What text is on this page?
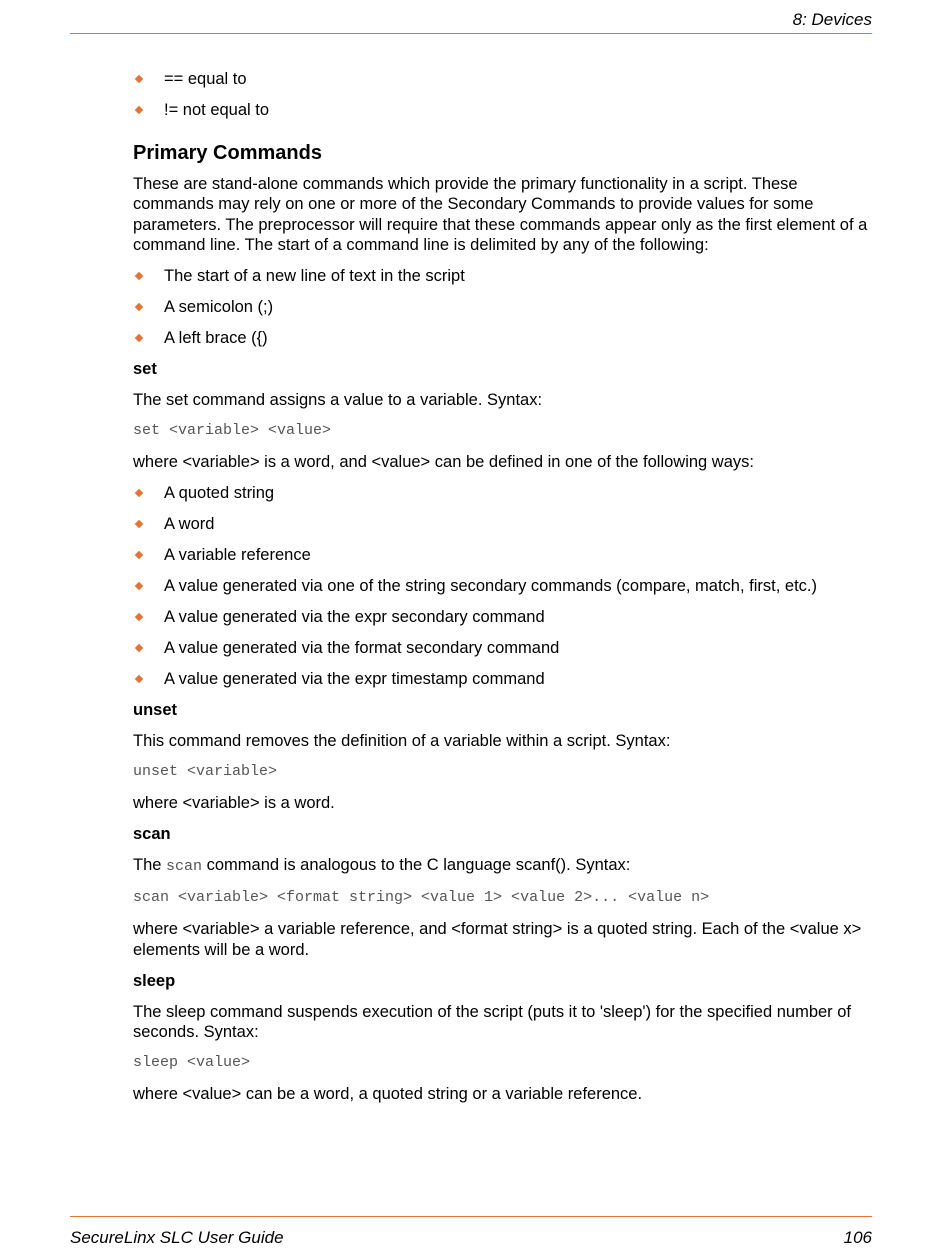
8: Devices
== equal to
!= not equal to
Primary Commands

These are stand-alone commands which provide the primary functionality in a script. These commands may rely on one or more of the Secondary Commands to provide values for some parameters. The preprocessor will require that these commands appear only as the first element of a command line. The start of a command line is delimited by any of the following:

The start of a new line of text in the script
A semicolon (;)
A left brace ({)
set

The set command assigns a value to a variable. Syntax:

set <variable> <value>

where <variable> is a word, and <value> can be defined in one of the following ways:

A quoted string
A word
A variable reference
A value generated via one of the string secondary commands (compare, match, first, etc.)
A value generated via the expr secondary command
A value generated via the format secondary command
A value generated via the expr timestamp command
unset

This command removes the definition of a variable within a script. Syntax:

unset <variable>

where <variable> is a word.

scan

The scan command is analogous to the C language scanf(). Syntax:

scan <variable> <format string> <value 1> <value 2>... <value n>

where <variable> a variable reference, and <format string> is a quoted string. Each of the <value x> elements will be a word.

sleep

The sleep command suspends execution of the script (puts it to 'sleep') for the specified number of seconds. Syntax:

sleep <value>

where <value> can be a word, a quoted string or a variable reference.

SecureLinx SLC User Guide	106
